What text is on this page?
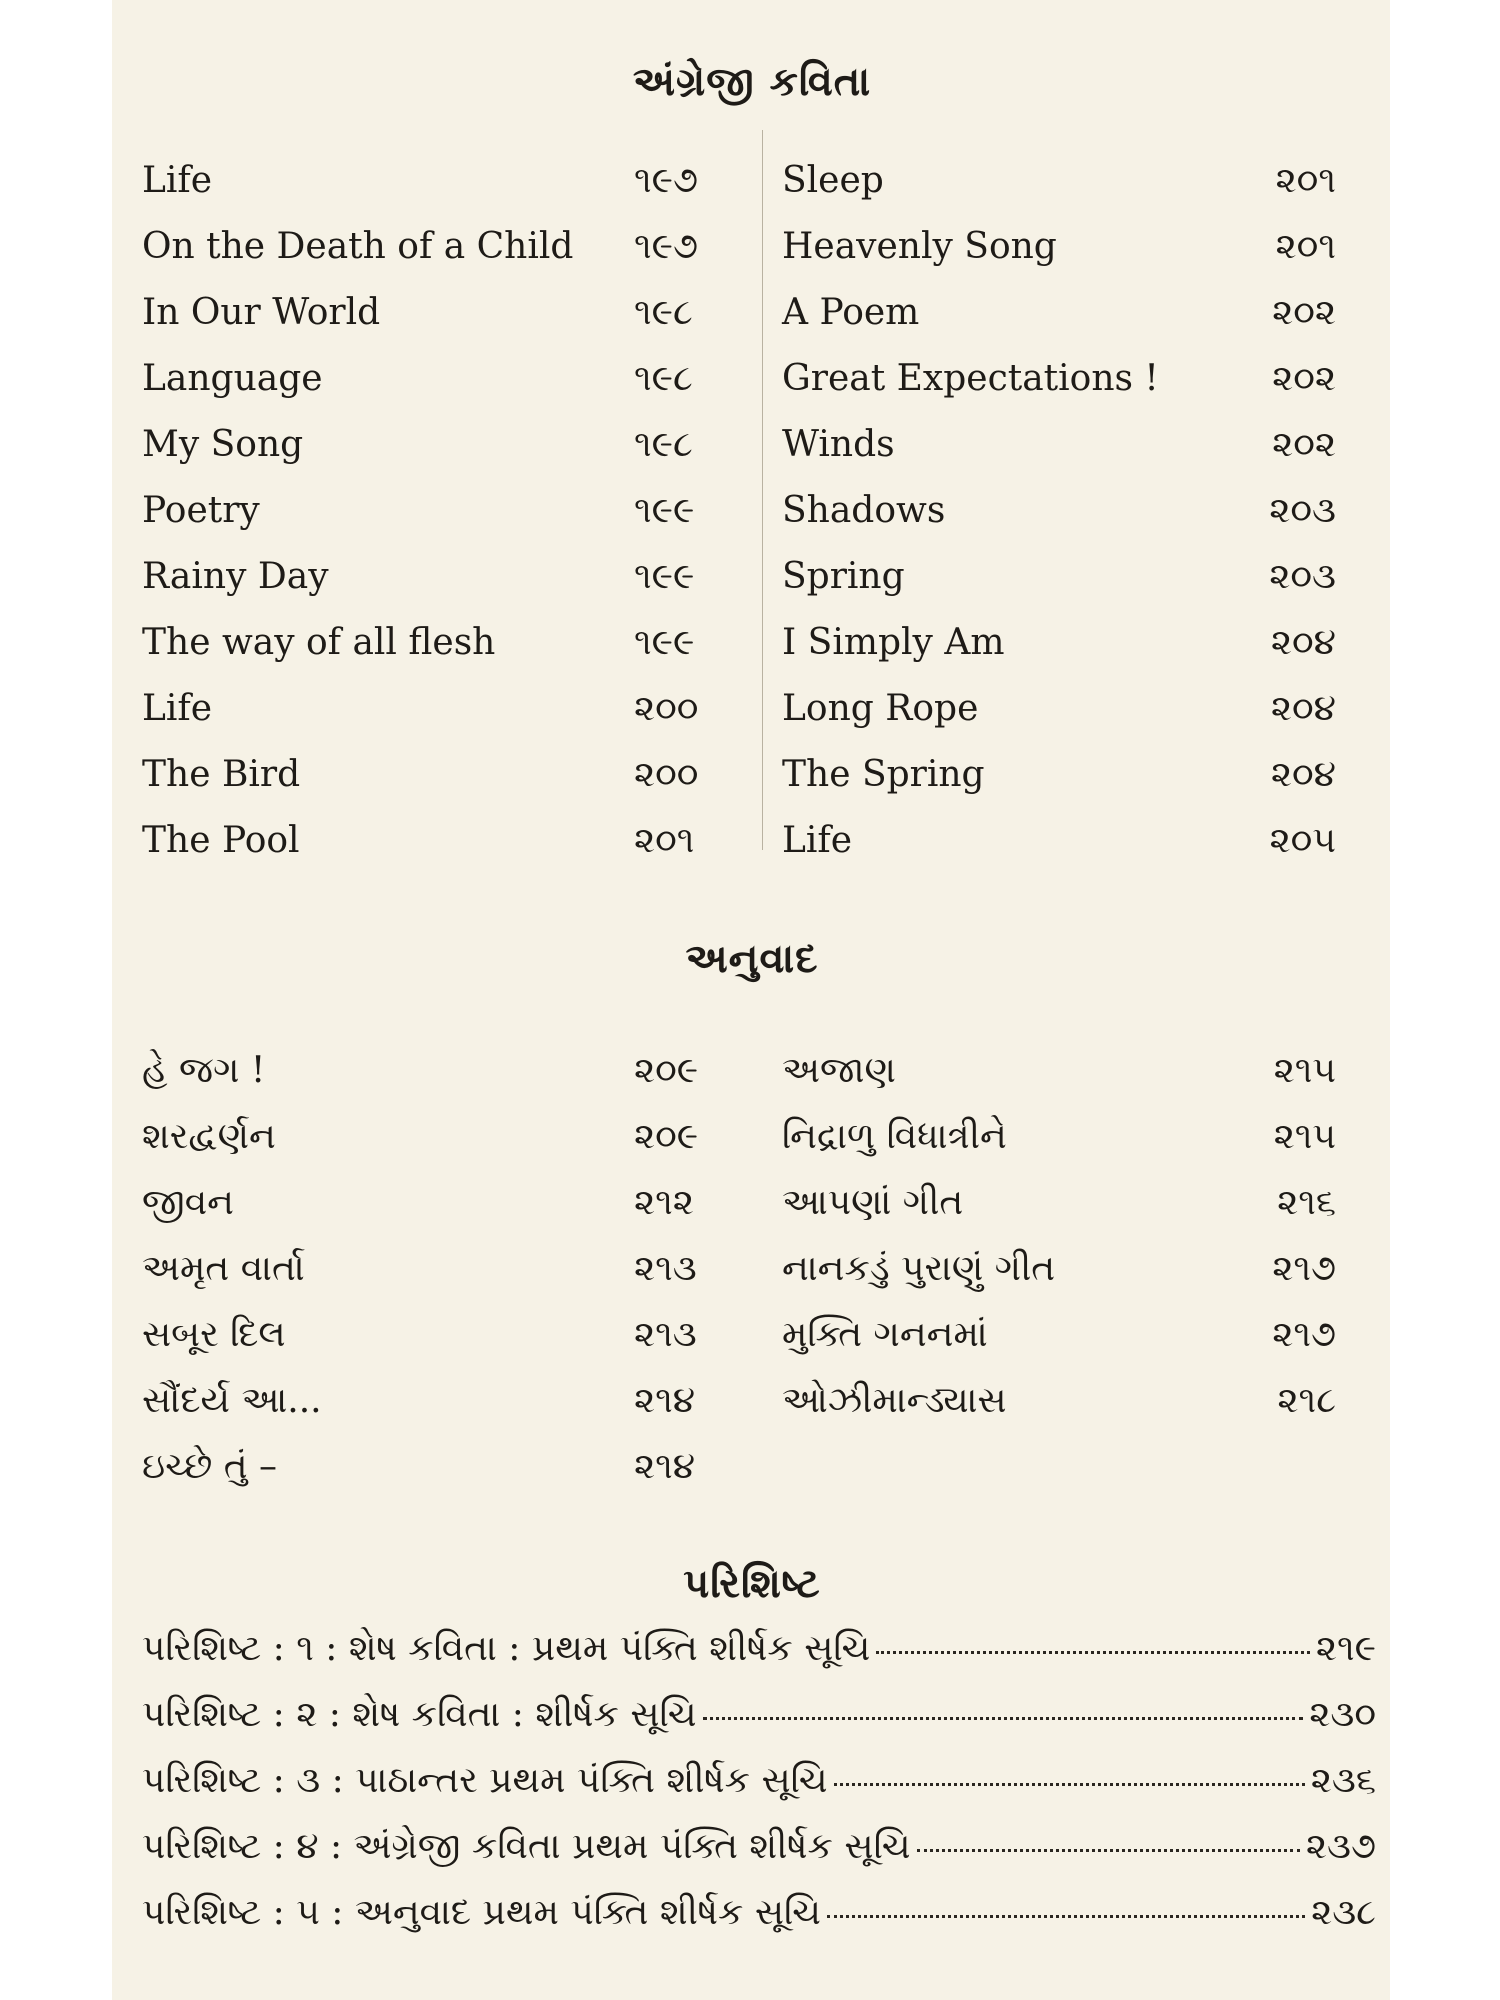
અંગ્રેજી કવિતા
Life	૧૯૭	Sleep	૨૦૧
On the Death of a Child ૧૯૭	Heavenly Song	૨૦૧
In Our World	૧૯૮	A Poem	૨૦૨
Language	૧૯૮	Great Expectations !	૨૦૨
My Song	૧૯૮	Winds	૨૦૨
Poetry	૧૯૯	Shadows	૨૦૩
Rainy Day	૧૯૯	Spring	૨૦૩
The way of all flesh	૧૯૯	I Simply Am	૨૦૪
Life	૨૦૦	Long Rope	૨૦૪
The Bird	૨૦૦	The Spring	૨૦૪
The Pool	૨૦૧	Life	૨૦૫
અનુવાદ
હે જગ !	૨૦૯	અજાણ	૨૧૫
શરદ્વર્ણન	૨૦૯	નિદ્રાળુ વિધાત્રીને	૨૧૫
જીવન	૨૧૨	આપણાં ગીત	૨૧૬
અમૃત વાર્તા	૨૧૩	નાનકડું પુરાણું ગીત	૨૧૭
સબૂર દિલ	૨૧૩	મુક્તિ ગનનમાં	૨૧૭
સૌંદર્ય આ...	૨૧૪	ઓઝીમાન્ડ્યાસ	૨૧૮
ઇચ્છે તું –	૨૧૪
પરિશિષ્ટ
પરિશિષ્ટ : ૧ : શેષ કવિતા : પ્રથમ પંક્તિ શીર્ષક સૂચિ	૨૧૯
પરિશિષ્ટ : ૨ : શેષ કવિતા : શીર્ષક સૂચિ	૨૩૦
પરિશિષ્ટ : ૩ : પાઠાન્તર પ્રથમ પંક્તિ શીર્ષક સૂચિ	૨૩૬
પરિશિષ્ટ : ૪ : અંગ્રેજી કવિતા પ્રથમ પંક્તિ શીર્ષક સૂચિ	૨૩૭
પરિશિષ્ટ : ૫ : અનુવાદ પ્રથમ પંક્તિ શીર્ષક સૂચિ	૨૩૮
